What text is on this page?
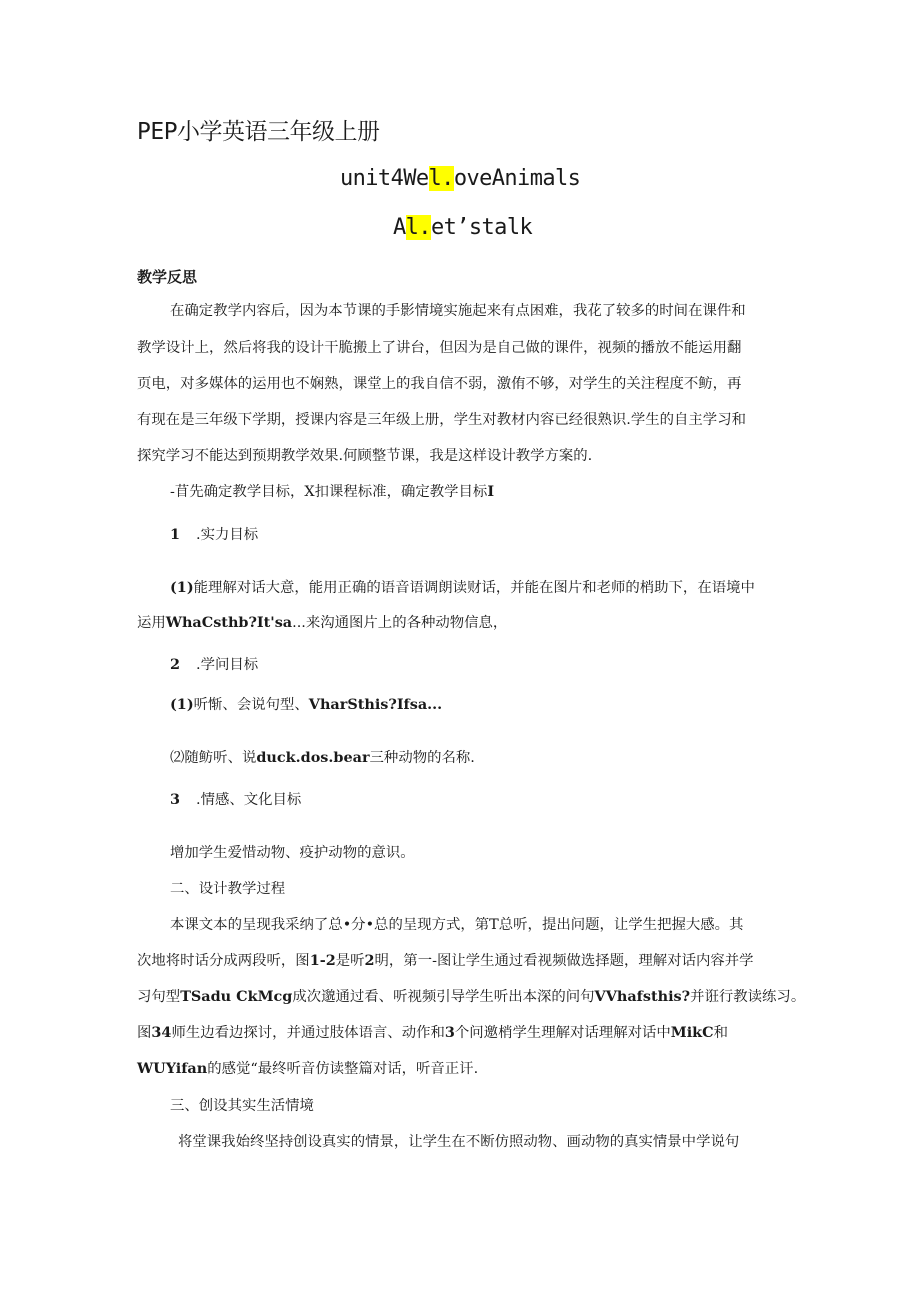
PEP小学英语三年级上册
unit4Wel.oveAnimals
Al.et’stalk
教学反思
在确定教学内容后，因为本节课的手影情境实施起来有点困难，我花了较多的时间在课件和
教学设计上，然后将我的设计干脆搬上了讲台，但因为是自己做的课件，视频的播放不能运用翻
页电，对多媒体的运用也不娴熟，课堂上的我自信不弱，激侑不够，对学生的关注程度不鲂，再
有现在是三年级下学期，授课内容是三年级上册，学生对教材内容已经很熟识.学生的自主学习和
探究学习不能达到预期教学效果.何顾整节课，我是这样设计教学方案的.
-苜先确定教学目标，X扣课程标准，确定教学目标I
1 .实力目标
(1)能理解对话大意，能用正确的语音语调朗读财话，并能在图片和老师的梢助下，在语境中
运用WhaCsthb?It'sa...来沟通图片上的各种动物信息，
2 .学问目标
(1)听惭、会说句型、VharSthis?Ifsa...
⑵随鲂听、说duck.dos.bear三种动物的名称.
3 .情感、文化目标
增加学生爱惜动物、疫护动物的意识。
二、设计教学过程
本课文本的呈现我采纳了总•分•总的呈现方式，第T总听，提出问题，让学生把握大感。其
次地将时话分成两段听，图1-2是听2明，第一-图让学生通过看视频做选择题，理解对话内容并学
习句型TSadu CkMcg成次邈通过看、听视频引导学生听出本深的问句VVhafsthis?并诳行教读练习。
图34师生边看边探讨，并通过肢体语言、动作和3个问邀梢学生理解对话理解对话中MikC和
WUYifan的感觉“最终听音仿读整篇对话，听音正讦.
三、创设其实生活情境
将堂课我始终坚持创设真实的情景，让学生在不断仿照动物、画动物的真实情景中学说句
